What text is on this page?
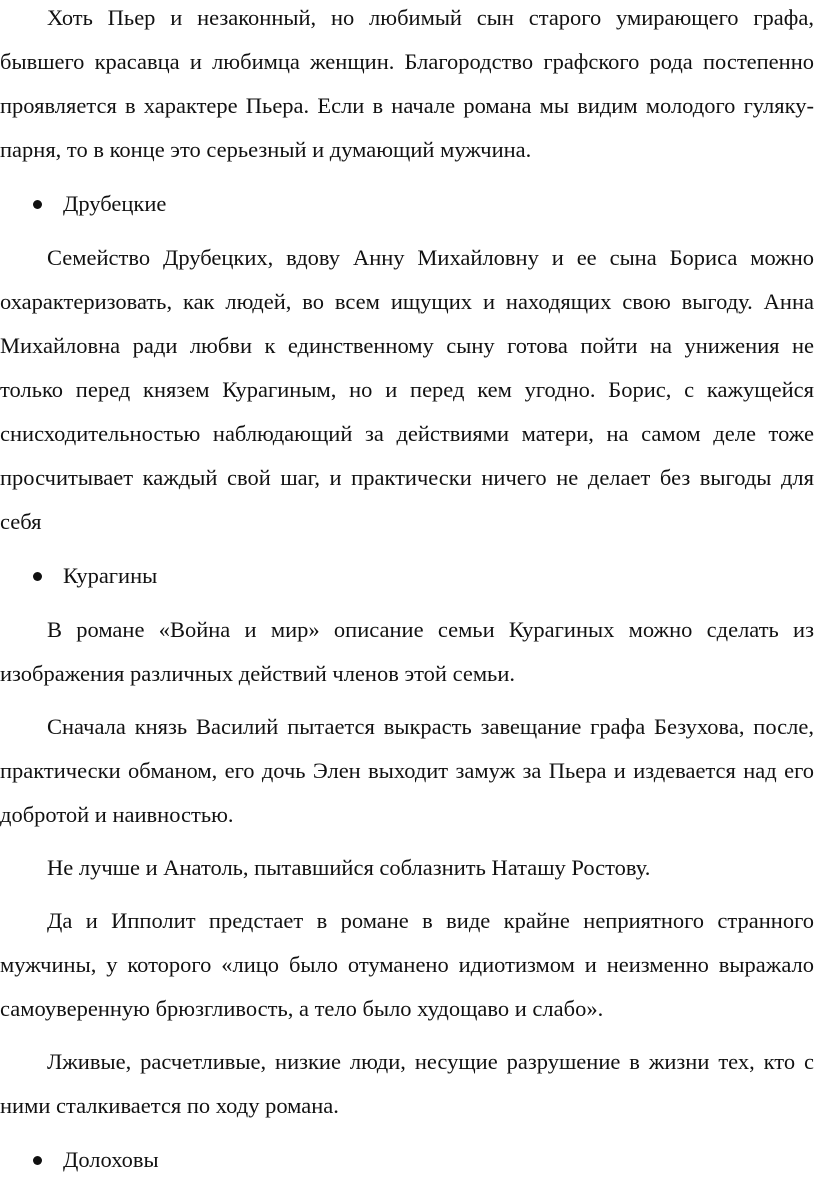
Хоть Пьер и незаконный, но любимый сын старого умирающего графа, бывшего красавца и любимца женщин. Благородство графского рода постепенно проявляется в характере Пьера. Если в начале романа мы видим молодого гуляку-парня, то в конце это серьезный и думающий мужчина.

Друбецкие

Семейство Друбецких, вдову Анну Михайловну и ее сына Бориса можно охарактеризовать, как людей, во всем ищущих и находящих свою выгоду. Анна Михайловна ради любви к единственному сыну готова пойти на унижения не только перед князем Курагиным, но и перед кем угодно. Борис, с кажущейся снисходительностью наблюдающий за действиями матери, на самом деле тоже просчитывает каждый свой шаг, и практически ничего не делает без выгоды для себя

Курагины

В романе «Война и мир» описание семьи Курагиных можно сделать из изображения различных действий членов этой семьи.

Сначала князь Василий пытается выкрасть завещание графа Безухова, после, практически обманом, его дочь Элен выходит замуж за Пьера и издевается над его добротой и наивностью.

Не лучше и Анатоль, пытавшийся соблазнить Наташу Ростову.

Да и Ипполит предстает в романе в виде крайне неприятного странного мужчины, у которого «лицо было отуманено идиотизмом и неизменно выражало самоуверенную брюзгливость, а тело было худощаво и слабо».

Лживые, расчетливые, низкие люди, несущие разрушение в жизни тех, кто с ними сталкивается по ходу романа.

Долоховы
